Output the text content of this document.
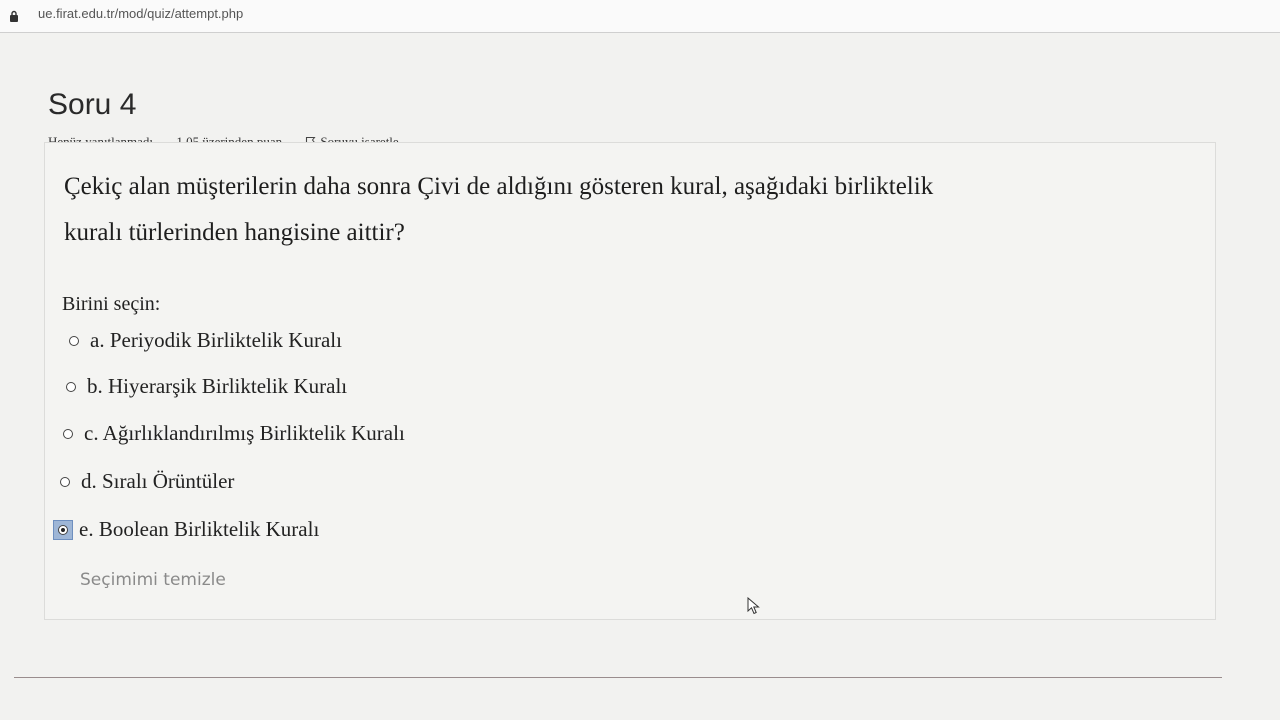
ue.firat.edu.tr/mod/quiz/attempt.php
Soru 4

Çekiç alan müşterilerin daha sonra Çivi de aldığını gösteren kural, aşağıdaki birliktelik
kuralı türlerinden hangisine aittir?
Birini seçin:
a. Periyodik Birliktelik Kuralı
b. Hiyerarşik Birliktelik Kuralı
c. Ağırlıklandırılmış Birliktelik Kuralı
d. Sıralı Örüntüler
e. Boolean Birliktelik Kuralı
Seçimimi temizle
